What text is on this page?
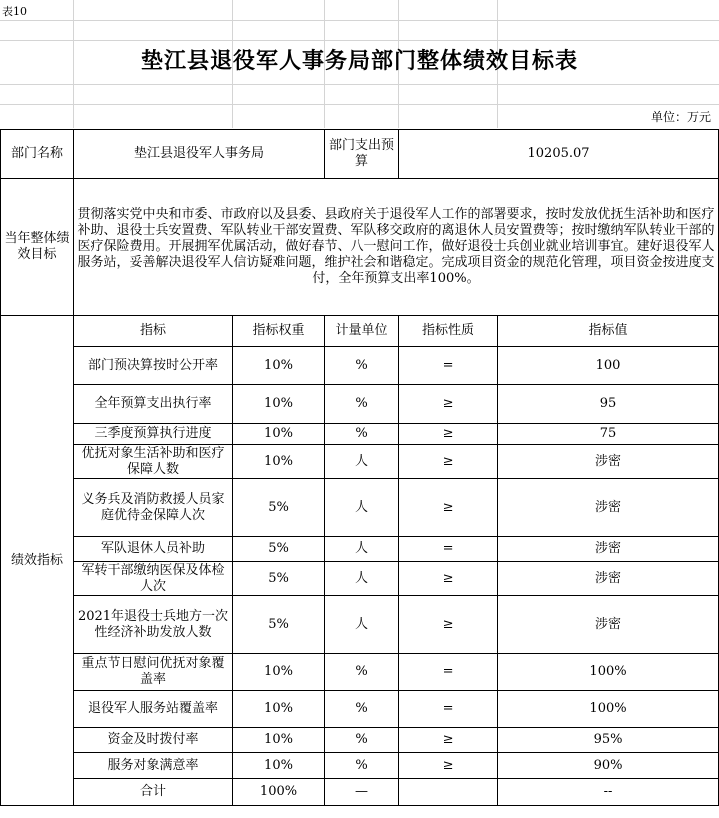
表10
垫江县退役军人事务局部门整体绩效目标表
单位：万元
部门名称	垫江县退役军人事务局		部门支出预算	10205.07	
当年整体绩效目标	贯彻落实党中央和市委、市政府以及县委、县政府关于退役军人工作的部署要求，按时发放优抚生活补助和医疗补助、退役士兵安置费、军队转业干部安置费、军队移交政府的离退休人员安置费等；按时缴纳军队转业干部的医疗保险费用。开展拥军优属活动，做好春节、八一慰问工作，做好退役士兵创业就业培训事宜。建好退役军人服务站，妥善解决退役军人信访疑难问题，维护社会和谐稳定。完成项目资金的规范化管理，项目资金按进度支付，全年预算支出率100%。				
绩效指标	指标	指标权重	计量单位	指标性质	指标值
	部门预决算按时公开率	10%	%	=	100
	全年预算支出执行率	10%	%	≥	95
	三季度预算执行进度	10%	%	≥	75
	优抚对象生活补助和医疗保障人数	10%	人	≥	涉密
	义务兵及消防救援人员家庭优待金保障人次	5%	人	≥	涉密
	军队退休人员补助	5%	人	=	涉密
	军转干部缴纳医保及体检人次	5%	人	≥	涉密
	2021年退役士兵地方一次性经济补助发放人数	5%	人	≥	涉密
	重点节日慰问优抚对象覆盖率	10%	%	=	100%
	退役军人服务站覆盖率	10%	%	=	100%
	资金及时拨付率	10%	%	≥	95%
	服务对象满意率	10%	%	≥	90%
	合计	100%	—		--
